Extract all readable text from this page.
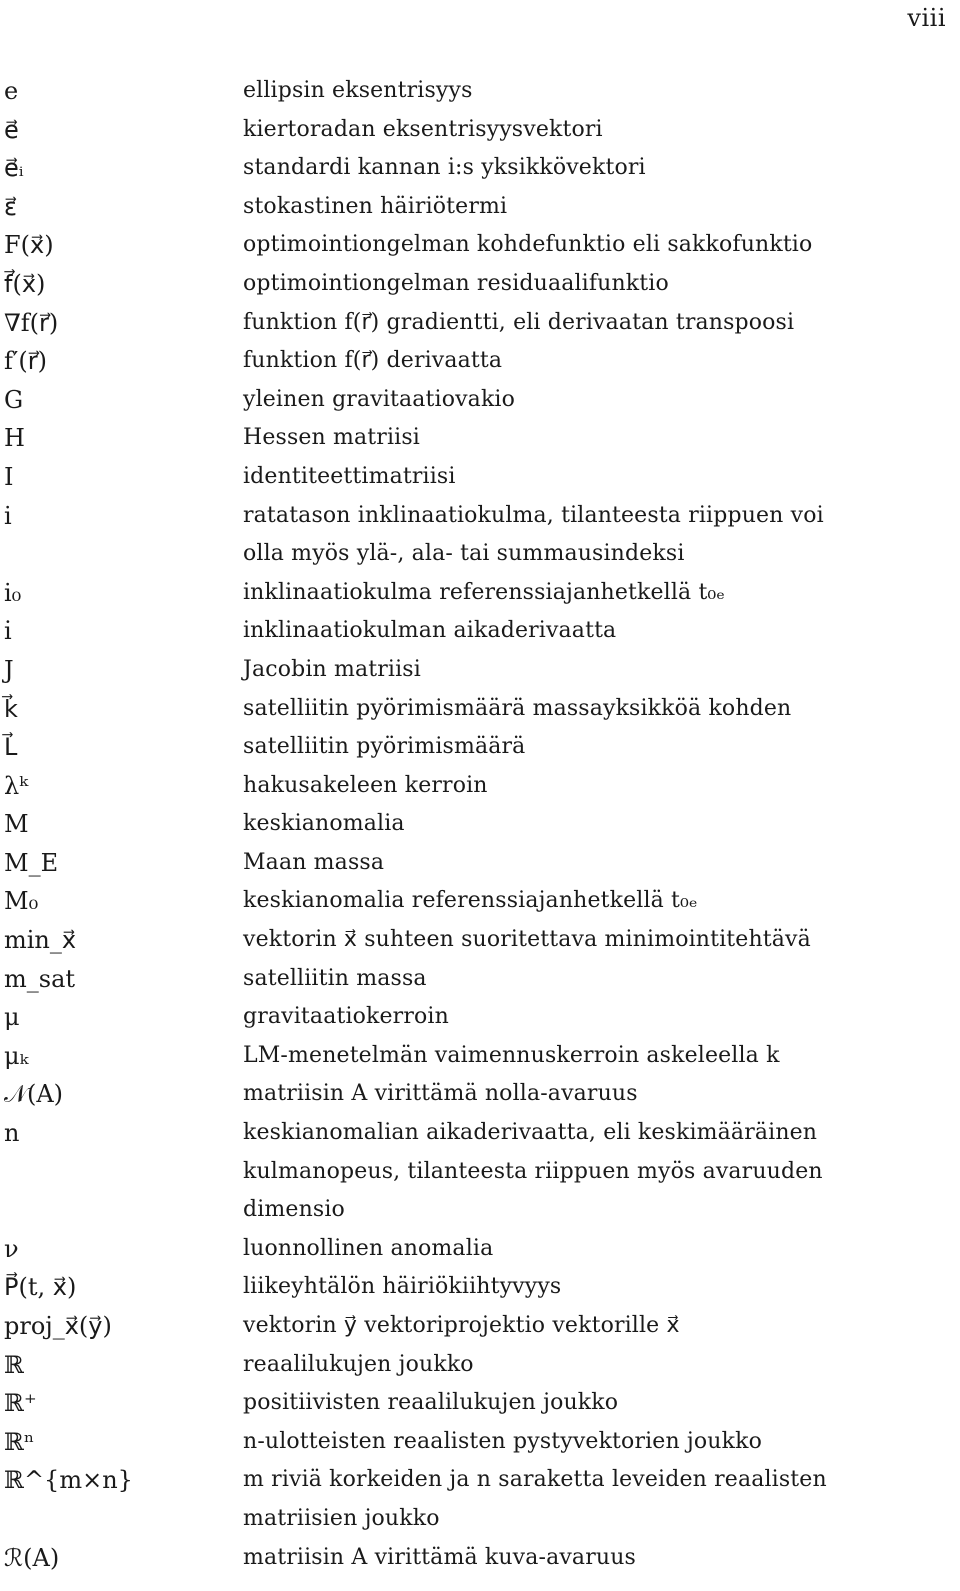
viii
e	ellipsin eksentrisyys
e⃗	kiertoradan eksentrisyysvektori
e⃗ᵢ	standardi kannan i:s yksikkövektori
ε⃗	stokastinen häiriötermi
F(x⃗)	optimointiongelman kohdefunktio eli sakkofunktio
f⃗(x⃗)	optimointiongelman residuaalifunktio
∇f(r⃗)	funktion f(r⃗) gradientti, eli derivaatan transpoosi
f′(r⃗)	funktion f(r⃗) derivaatta
G	yleinen gravitaatiovakio
H	Hessen matriisi
I	identiteettimatriisi
i	ratatason inklinaatiokulma, tilanteesta riippuen voi
olla myös ylä-, ala- tai summausindeksi
i₀	inklinaatiokulma referenssiajanhetkellä t₀ₑ
i̇	inklinaatiokulman aikaderivaatta
J	Jacobin matriisi
k⃗	satelliitin pyörimismäärä massayksikköä kohden
L⃗	satelliitin pyörimismäärä
λᵏ	hakusakeleen kerroin
M	keskianomalia
M_E	Maan massa
M₀	keskianomalia referenssiajanhetkellä t₀ₑ
min_x⃗	vektorin x⃗ suhteen suoritettava minimointitehtävä
m_sat	satelliitin massa
μ	gravitaatiokerroin
μₖ	LM-menetelmän vaimennuskerroin askeleella k
𝒩(A)	matriisin A virittämä nolla-avaruus
n	keskianomalian aikaderivaatta, eli keskimääräinen
kulmanopeus, tilanteesta riippuen myös avaruuden
dimensio
ν	luonnollinen anomalia
P⃗(t, x⃗)	liikeyhtälön häiriökiihtyvyys
proj_x⃗(y⃗)	vektorin y⃗ vektoriprojektio vektorille x⃗
ℝ	reaalilukujen joukko
ℝ⁺	positiivisten reaalilukujen joukko
ℝⁿ	n-ulotteisten reaalisten pystyvektorien joukko
ℝ^{m×n}	m riviä korkeiden ja n saraketta leveiden reaalisten
matriisien joukko
ℛ(A)	matriisin A virittämä kuva-avaruus
